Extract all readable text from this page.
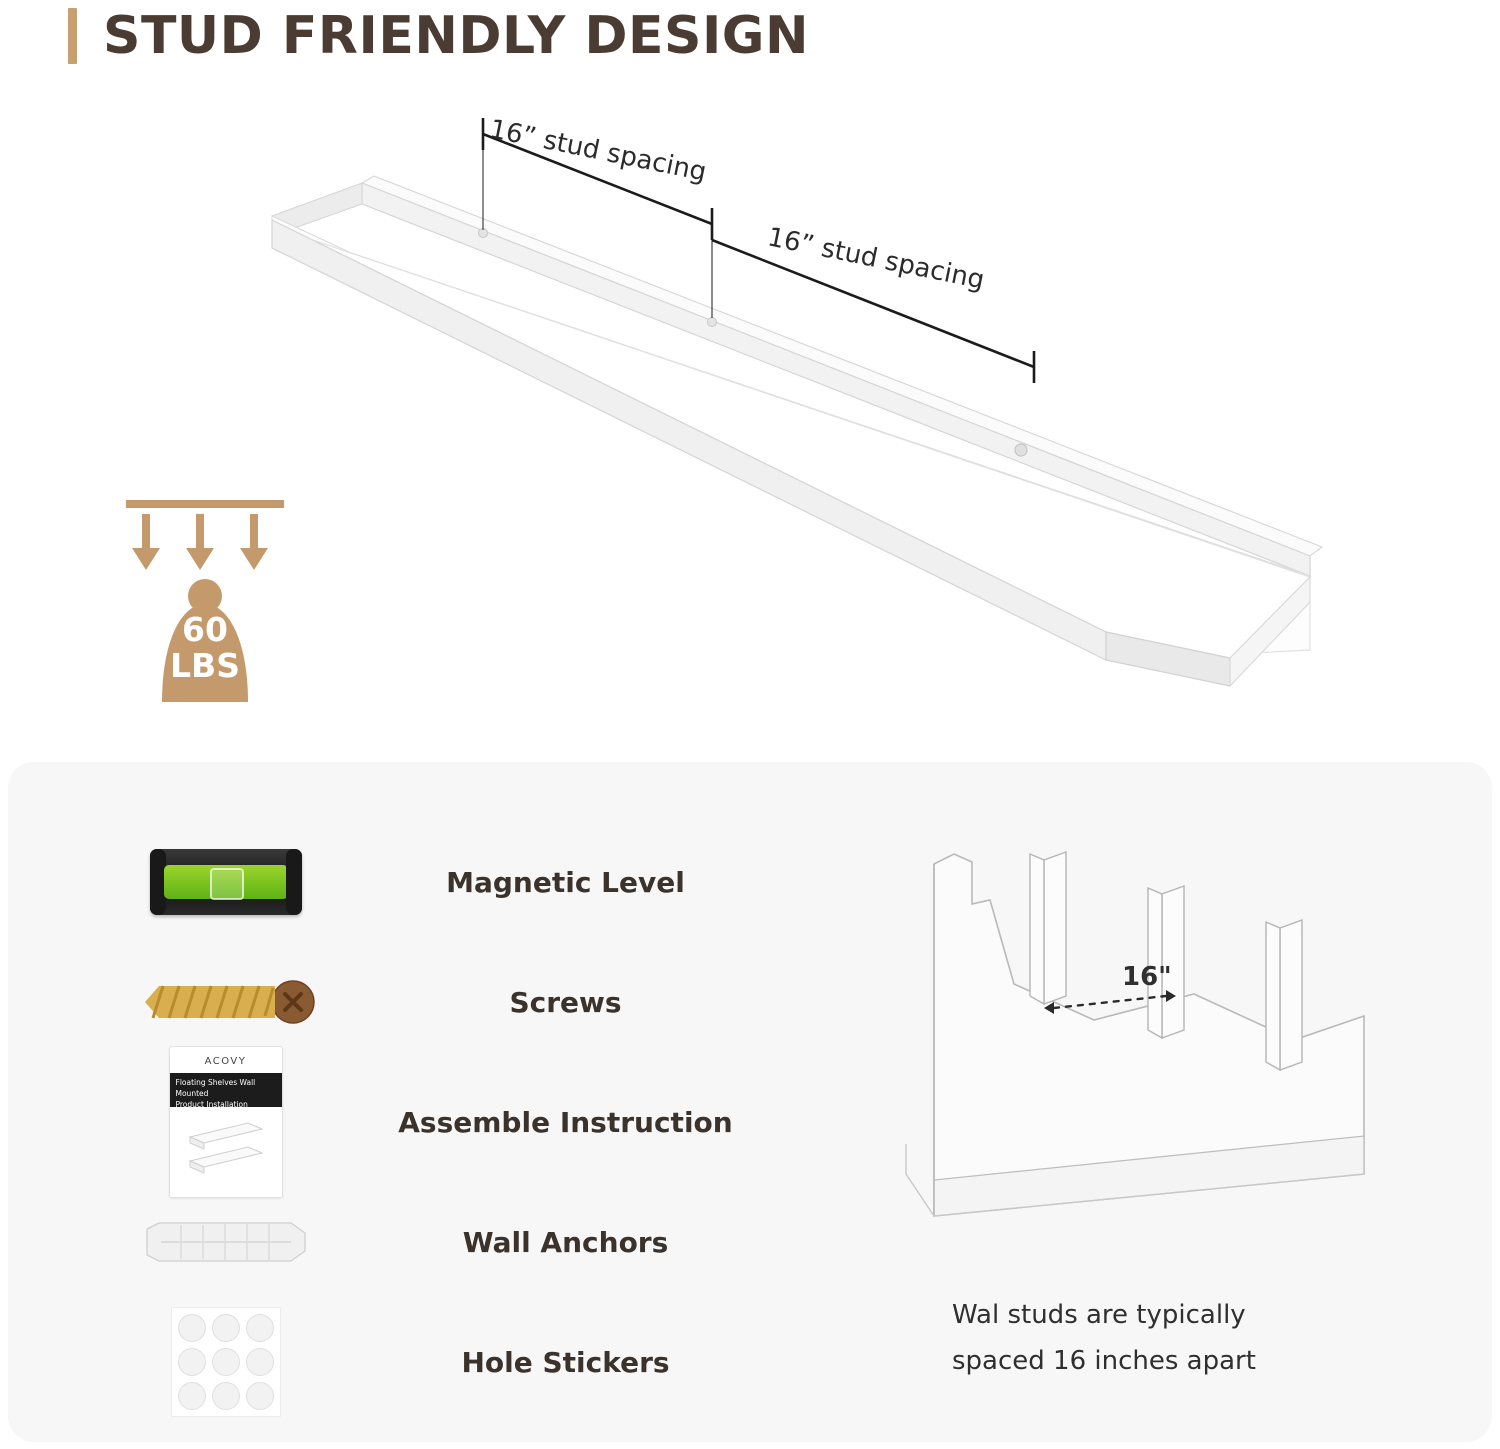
STUD FRIENDLY DESIGN
16” stud spacing
16” stud spacing
60
LBS
Magnetic Level
Screws
ACOVY
Floating Shelves Wall Mounted
Product Installation Guides	Assemble Instruction
Wall Anchors
Hole Stickers
16"
Wal studs are typically
spaced 16 inches apart
